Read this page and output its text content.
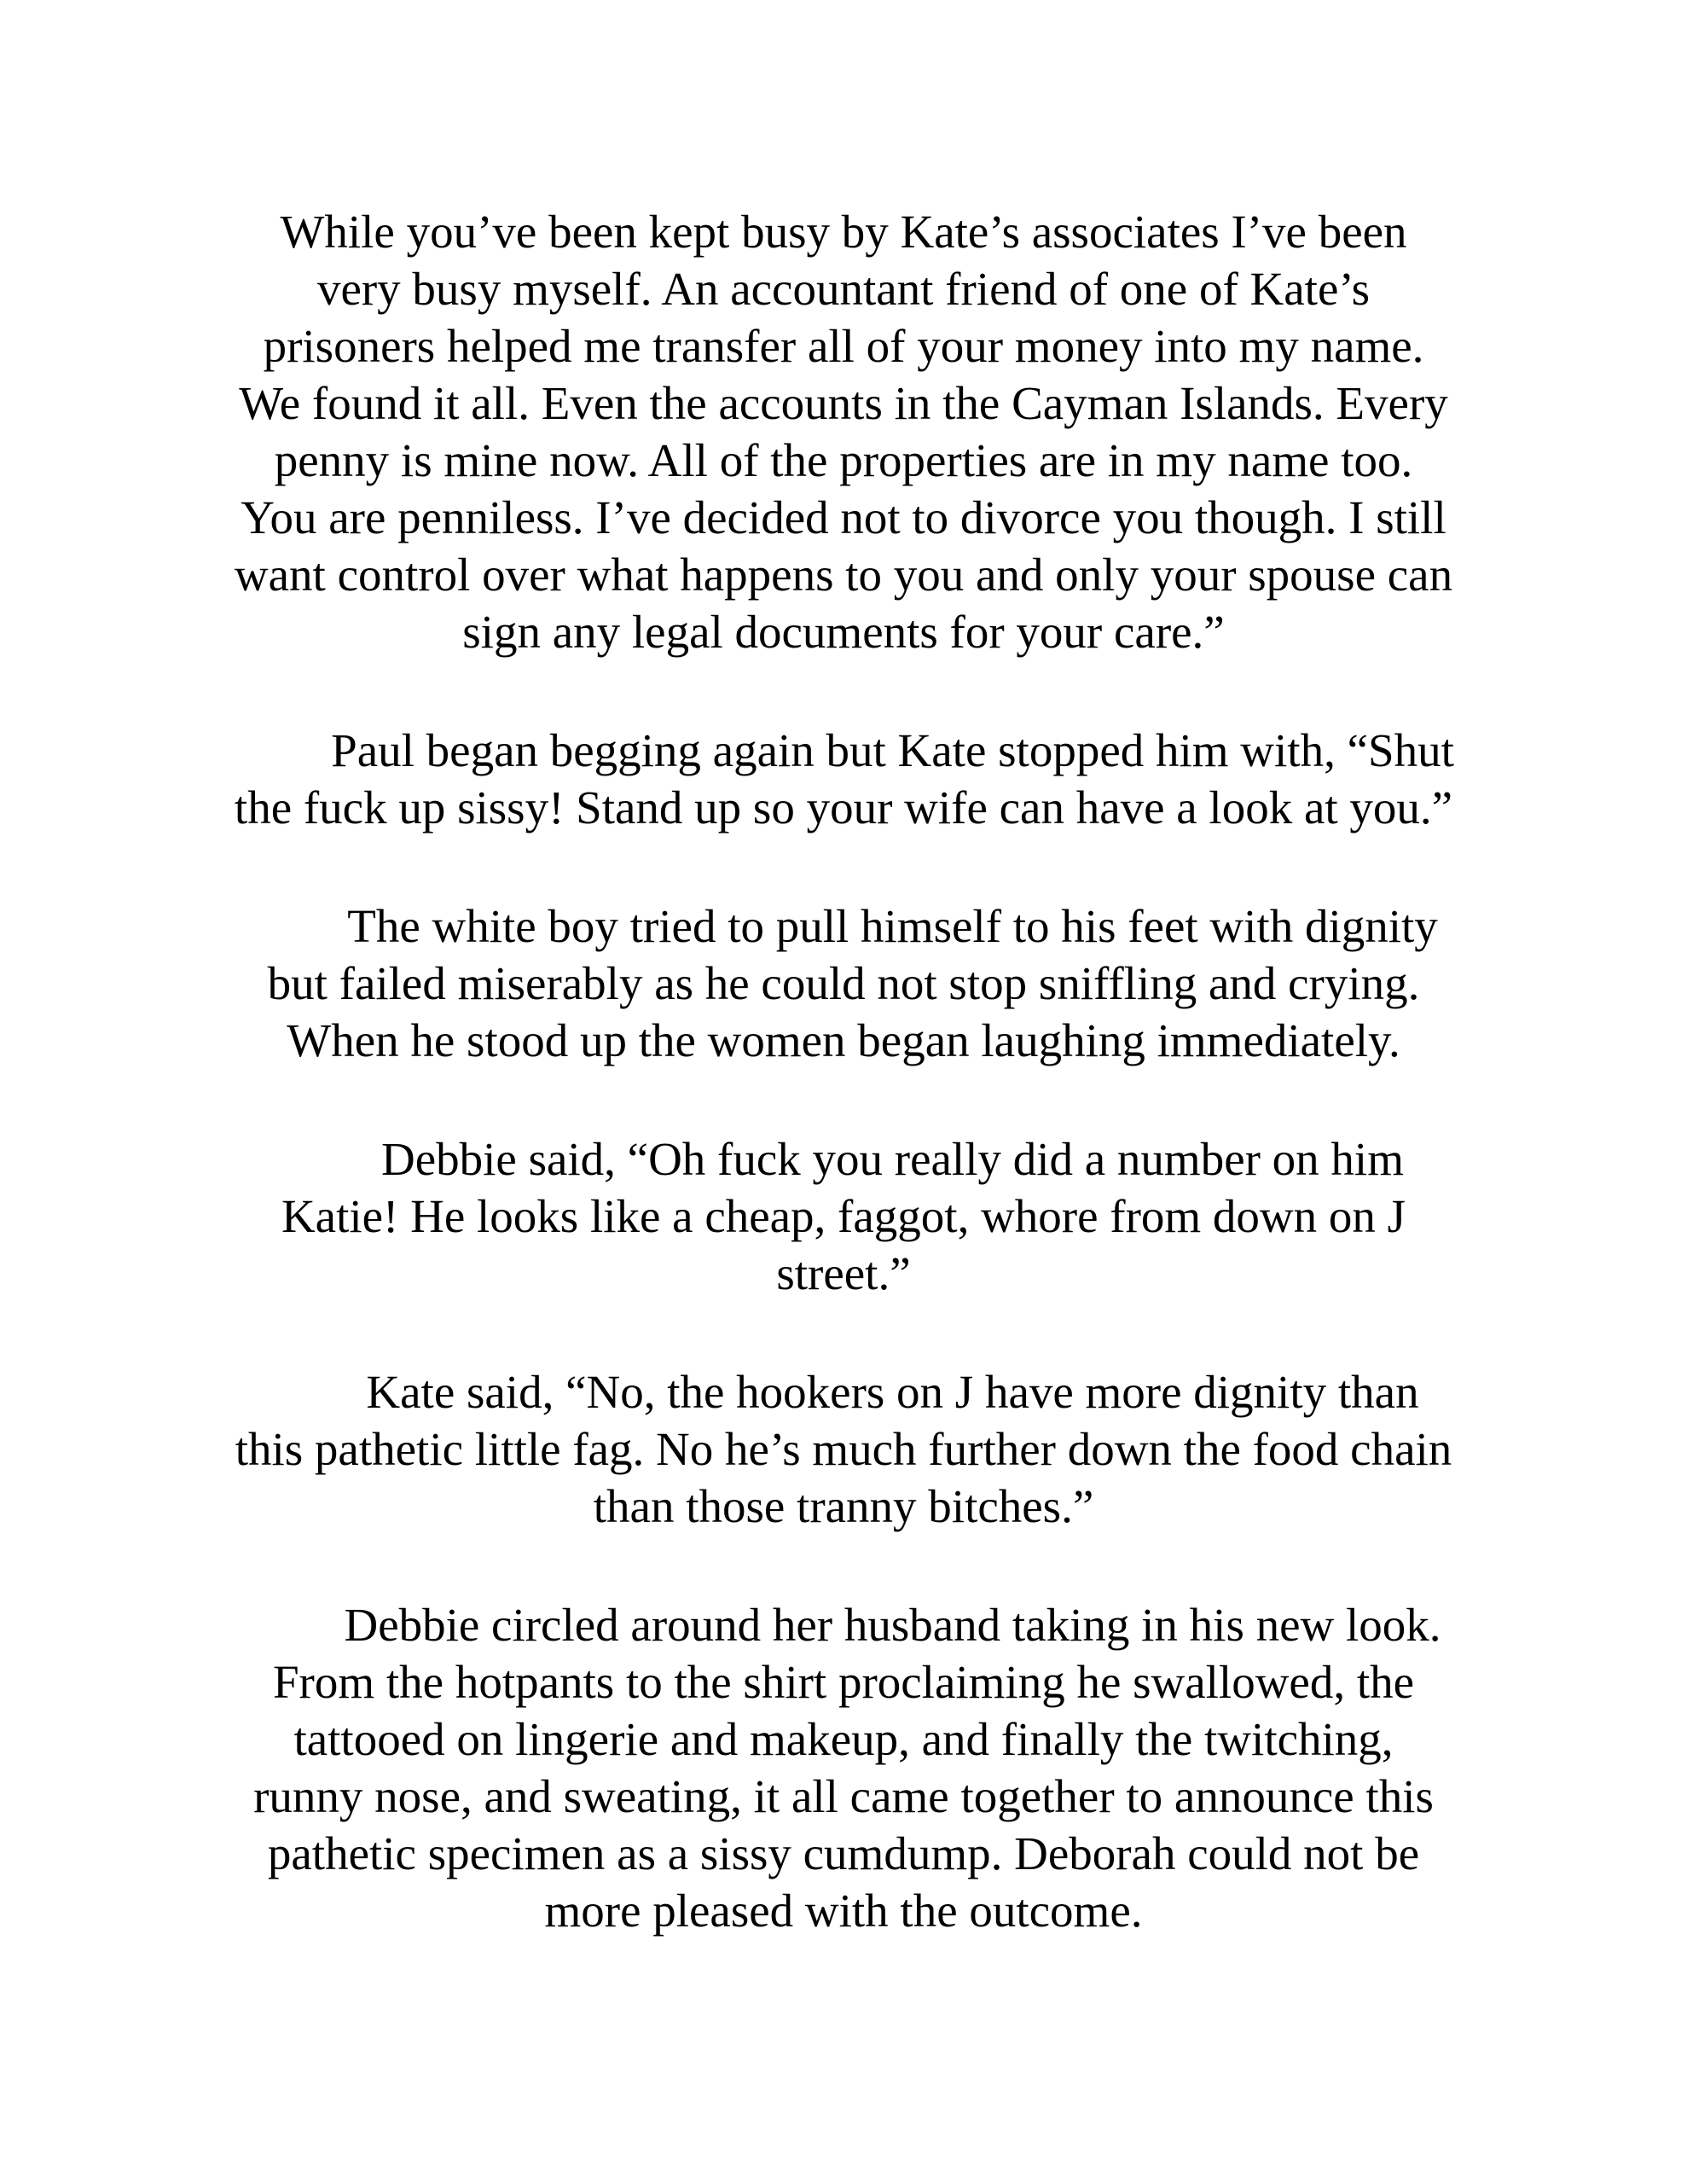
While you’ve been kept busy by Kate’s associates I’ve been
very busy myself. An accountant friend of one of Kate’s
prisoners helped me transfer all of your money into my name.
We found it all. Even the accounts in the Cayman Islands. Every
penny is mine now. All of the properties are in my name too.
You are penniless. I’ve decided not to divorce you though. I still
want control over what happens to you and only your spouse can
sign any legal documents for your care.”
Paul began begging again but Kate stopped him with, “Shut
the fuck up sissy! Stand up so your wife can have a look at you.”
The white boy tried to pull himself to his feet with dignity
but failed miserably as he could not stop sniffling and crying.
When he stood up the women began laughing immediately.
Debbie said, “Oh fuck you really did a number on him
Katie! He looks like a cheap, faggot, whore from down on J
street.”
Kate said, “No, the hookers on J have more dignity than
this pathetic little fag. No he’s much further down the food chain
than those tranny bitches.”
Debbie circled around her husband taking in his new look.
From the hotpants to the shirt proclaiming he swallowed, the
tattooed on lingerie and makeup, and finally the twitching,
runny nose, and sweating, it all came together to announce this
pathetic specimen as a sissy cumdump. Deborah could not be
more pleased with the outcome.
